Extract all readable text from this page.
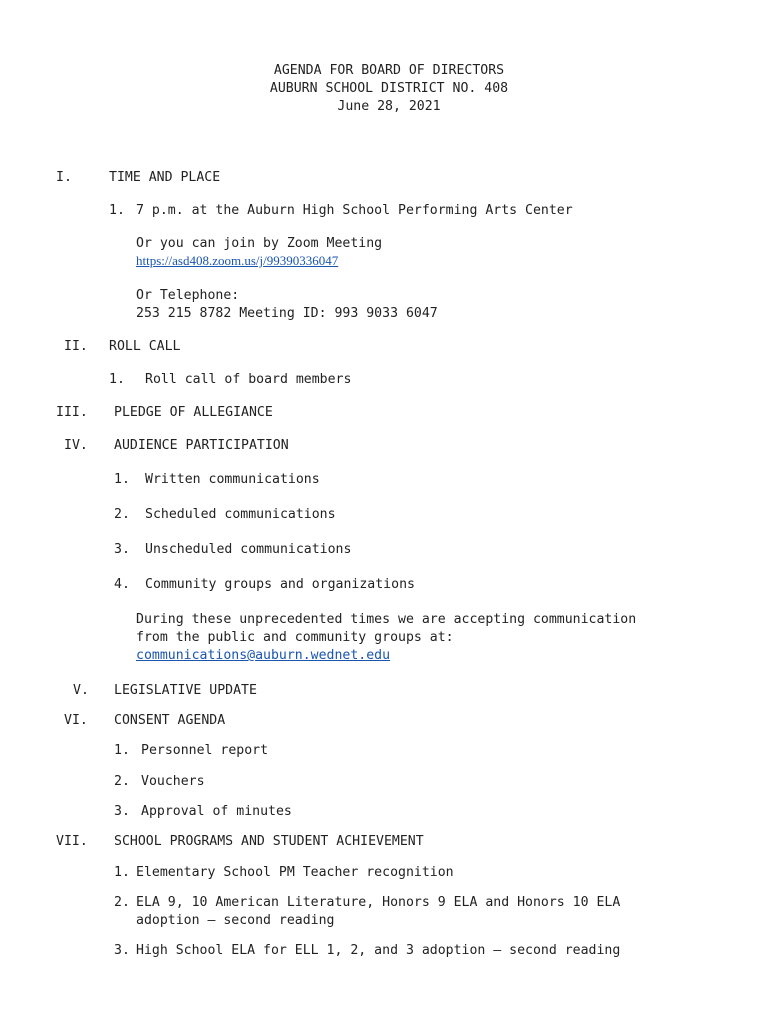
AGENDA FOR BOARD OF DIRECTORS
AUBURN SCHOOL DISTRICT NO. 408
June 28, 2021
I.	TIME AND PLACE
1. 7 p.m. at the Auburn High School Performing Arts Center
Or you can join by Zoom Meeting
https://asd408.zoom.us/j/99390336047
Or Telephone:
253 215 8782 Meeting ID: 993 9033 6047
II. ROLL CALL
1. Roll call of board members
III. PLEDGE OF ALLEGIANCE
IV. AUDIENCE PARTICIPATION
1. Written communications
2. Scheduled communications
3. Unscheduled communications
4. Community groups and organizations
During these unprecedented times we are accepting communication
from the public and community groups at:
communications@auburn.wednet.edu
V. LEGISLATIVE UPDATE
VI. CONSENT AGENDA
1. Personnel report
2. Vouchers
3. Approval of minutes
VII. SCHOOL PROGRAMS AND STUDENT ACHIEVEMENT
1. Elementary School PM Teacher recognition
2. ELA 9, 10 American Literature, Honors 9 ELA and Honors 10 ELA
adoption – second reading
3. High School ELA for ELL 1, 2, and 3 adoption – second reading
